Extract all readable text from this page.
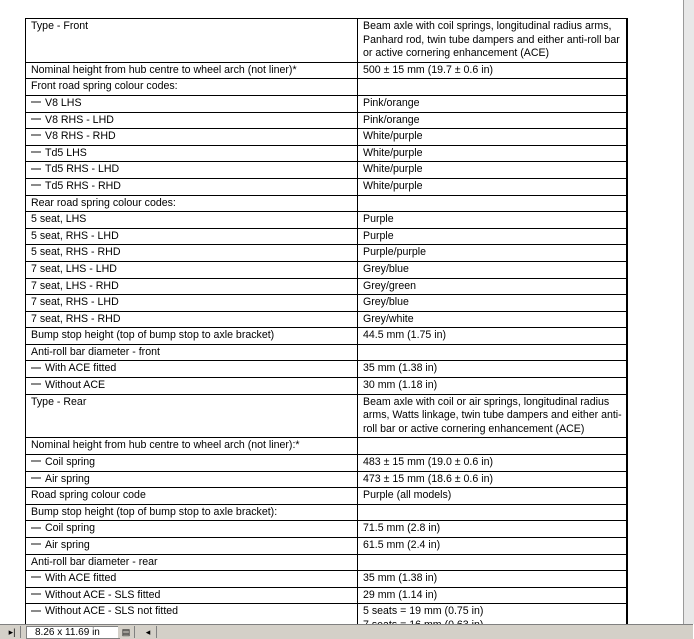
Type - Front	Beam axle with coil springs, longitudinal radius arms, Panhard rod, twin tube dampers and either anti-roll bar or active cornering enhancement (ACE)
Nominal height from hub centre to wheel arch (not liner)*	500 ± 15 mm (19.7 ± 0.6 in)
Front road spring colour codes:	
V8 LHS	Pink/orange
V8 RHS - LHD	Pink/orange
V8 RHS - RHD	White/purple
Td5 LHS	White/purple
Td5 RHS - LHD	White/purple
Td5 RHS - RHD	White/purple
Rear road spring colour codes:	
5 seat, LHS	Purple
5 seat, RHS - LHD	Purple
5 seat, RHS - RHD	Purple/purple
7 seat, LHS - LHD	Grey/blue
7 seat, LHS - RHD	Grey/green
7 seat, RHS - LHD	Grey/blue
7 seat, RHS - RHD	Grey/white
Bump stop height (top of bump stop to axle bracket)	44.5 mm (1.75 in)
Anti-roll bar diameter - front	
With ACE fitted	35 mm (1.38 in)
Without ACE	30 mm (1.18 in)
Type - Rear	Beam axle with coil or air springs, longitudinal radius arms, Watts linkage, twin tube dampers and either anti-roll bar or active cornering enhancement (ACE)
Nominal height from hub centre to wheel arch (not liner):*	
Coil spring	483 ± 15 mm (19.0 ± 0.6 in)
Air spring	473 ± 15 mm (18.6 ± 0.6 in)
Road spring colour code	Purple (all models)
Bump stop height (top of bump stop to axle bracket):	
Coil spring	71.5 mm (2.8 in)
Air spring	61.5 mm (2.4 in)
Anti-roll bar diameter - rear	
With ACE fitted	35 mm (1.38 in)
Without ACE - SLS fitted	29 mm (1.14 in)
Without ACE - SLS not fitted	5 seats = 19 mm (0.75 in)

▸|	8.26 x 11.69 in	▤	◂
